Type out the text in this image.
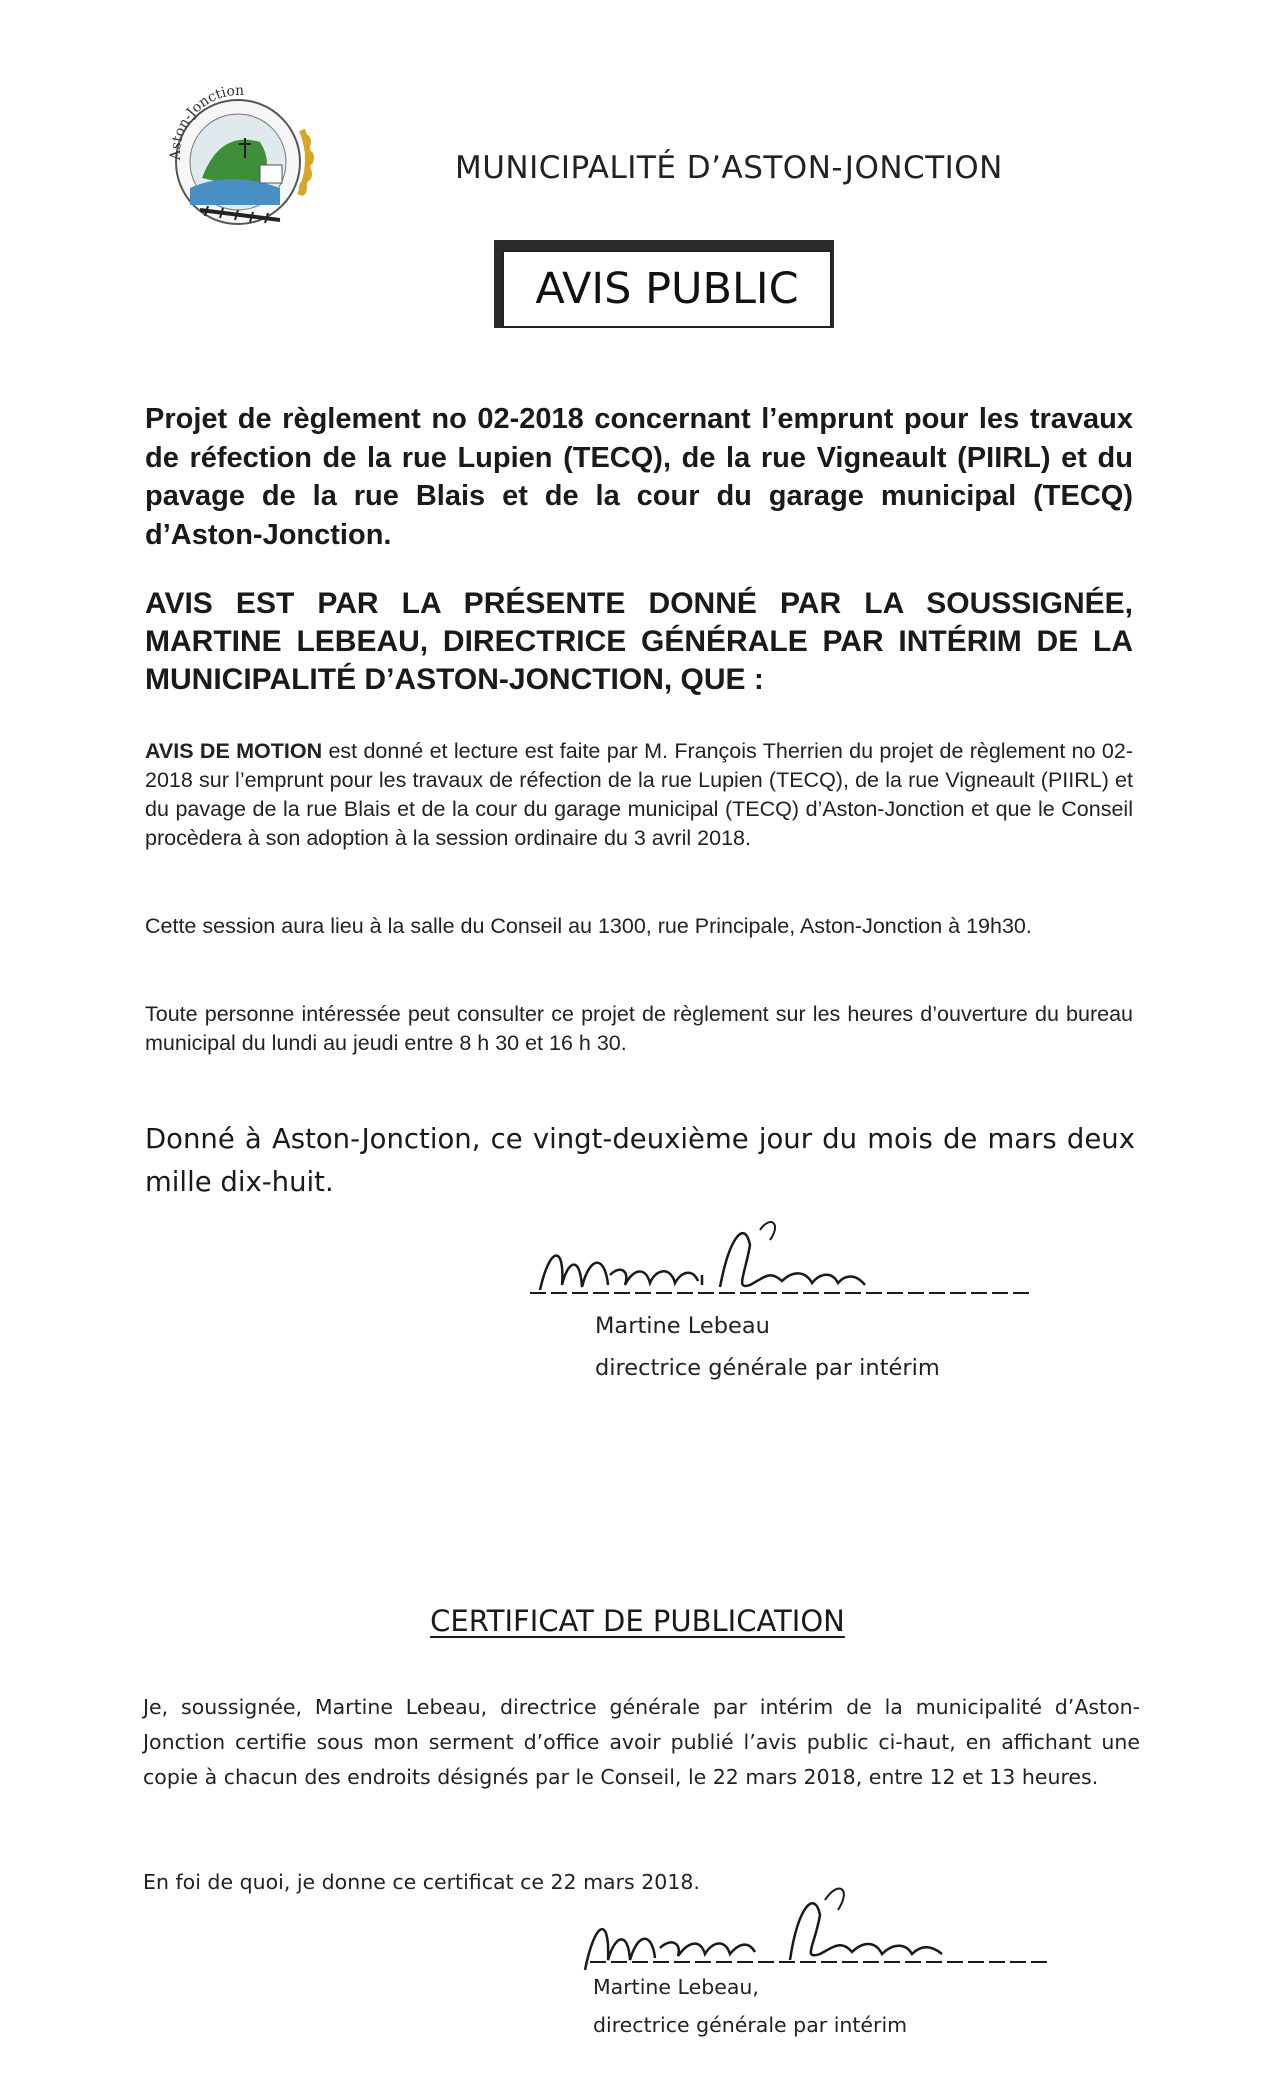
Aston-Jonction
MUNICIPALITÉ D’ASTON-JONCTION
AVIS PUBLIC
Projet de règlement no 02-2018 concernant l’emprunt pour les travaux de réfection de la rue Lupien (TECQ), de la rue Vigneault (PIIRL) et du pavage de la rue Blais et de la cour du garage municipal (TECQ) d’Aston-Jonction.
AVIS EST PAR LA PRÉSENTE DONNÉ PAR LA SOUSSIGNÉE, MARTINE LEBEAU, DIRECTRICE GÉNÉRALE PAR INTÉRIM DE LA MUNICIPALITÉ D’ASTON-JONCTION, QUE :
AVIS DE MOTION est donné et lecture est faite par M. François Therrien du projet de règlement no 02-2018 sur l’emprunt pour les travaux de réfection de la rue Lupien (TECQ), de la rue Vigneault (PIIRL) et du pavage de la rue Blais et de la cour du garage municipal (TECQ) d’Aston-Jonction et que le Conseil procèdera à son adoption à la session ordinaire du 3 avril 2018.
Cette session aura lieu à la salle du Conseil au 1300, rue Principale, Aston-Jonction à 19h30.
Toute personne intéressée peut consulter ce projet de règlement sur les heures d’ouverture du bureau municipal du lundi au jeudi entre 8 h 30 et 16 h 30.
Donné à Aston-Jonction, ce vingt-deuxième jour du mois de mars deux mille dix-huit.
Martine Lebeau
directrice générale par intérim
CERTIFICAT DE PUBLICATION
Je, soussignée, Martine Lebeau, directrice générale par intérim de la municipalité d’Aston-Jonction certifie sous mon serment d’office avoir publié l’avis public ci-haut, en affichant une copie à chacun des endroits désignés par le Conseil, le 22 mars 2018, entre 12 et 13 heures.
En foi de quoi, je donne ce certificat ce 22 mars 2018.
Martine Lebeau,
directrice générale par intérim
